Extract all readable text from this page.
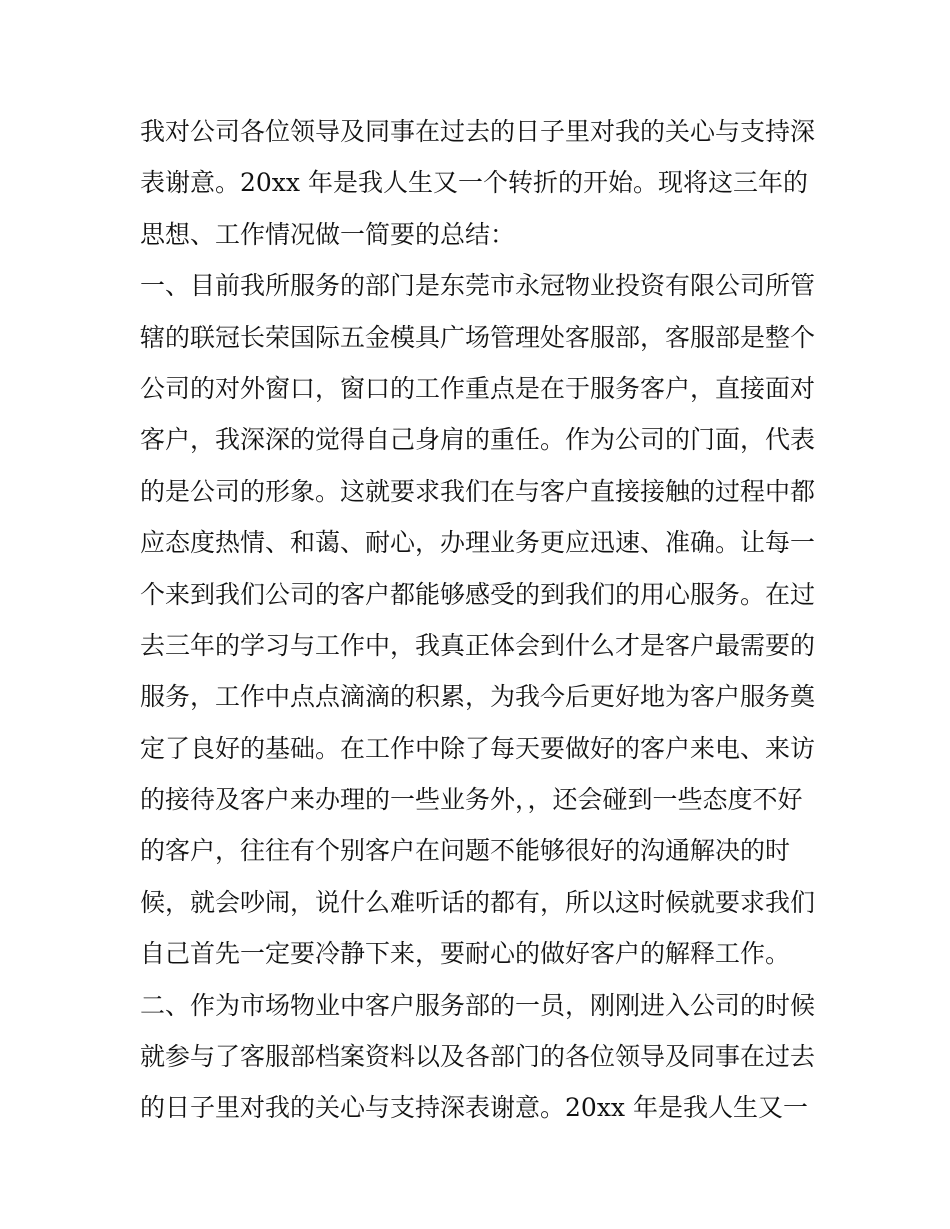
我对公司各位领导及同事在过去的日子里对我的关心与支持深
表谢意。20xx 年是我人生又一个转折的开始。现将这三年的
思想、工作情况做一简要的总结：
一、目前我所服务的部门是东莞市永冠物业投资有限公司所管
辖的联冠长荣国际五金模具广场管理处客服部，客服部是整个
公司的对外窗口，窗口的工作重点是在于服务客户，直接面对
客户，我深深的觉得自己身肩的重任。作为公司的门面，代表
的是公司的形象。这就要求我们在与客户直接接触的过程中都
应态度热情、和蔼、耐心，办理业务更应迅速、准确。让每一
个来到我们公司的客户都能够感受的到我们的用心服务。在过
去三年的学习与工作中，我真正体会到什么才是客户最需要的
服务，工作中点点滴滴的积累，为我今后更好地为客户服务奠
定了良好的基础。在工作中除了每天要做好的客户来电、来访
的接待及客户来办理的一些业务外，，还会碰到一些态度不好
的客户，往往有个别客户在问题不能够很好的沟通解决的时
候，就会吵闹，说什么难听话的都有，所以这时候就要求我们
自己首先一定要冷静下来，要耐心的做好客户的解释工作。
二、作为市场物业中客户服务部的一员，刚刚进入公司的时候
就参与了客服部档案资料以及各部门的各位领导及同事在过去
的日子里对我的关心与支持深表谢意。20xx 年是我人生又一
